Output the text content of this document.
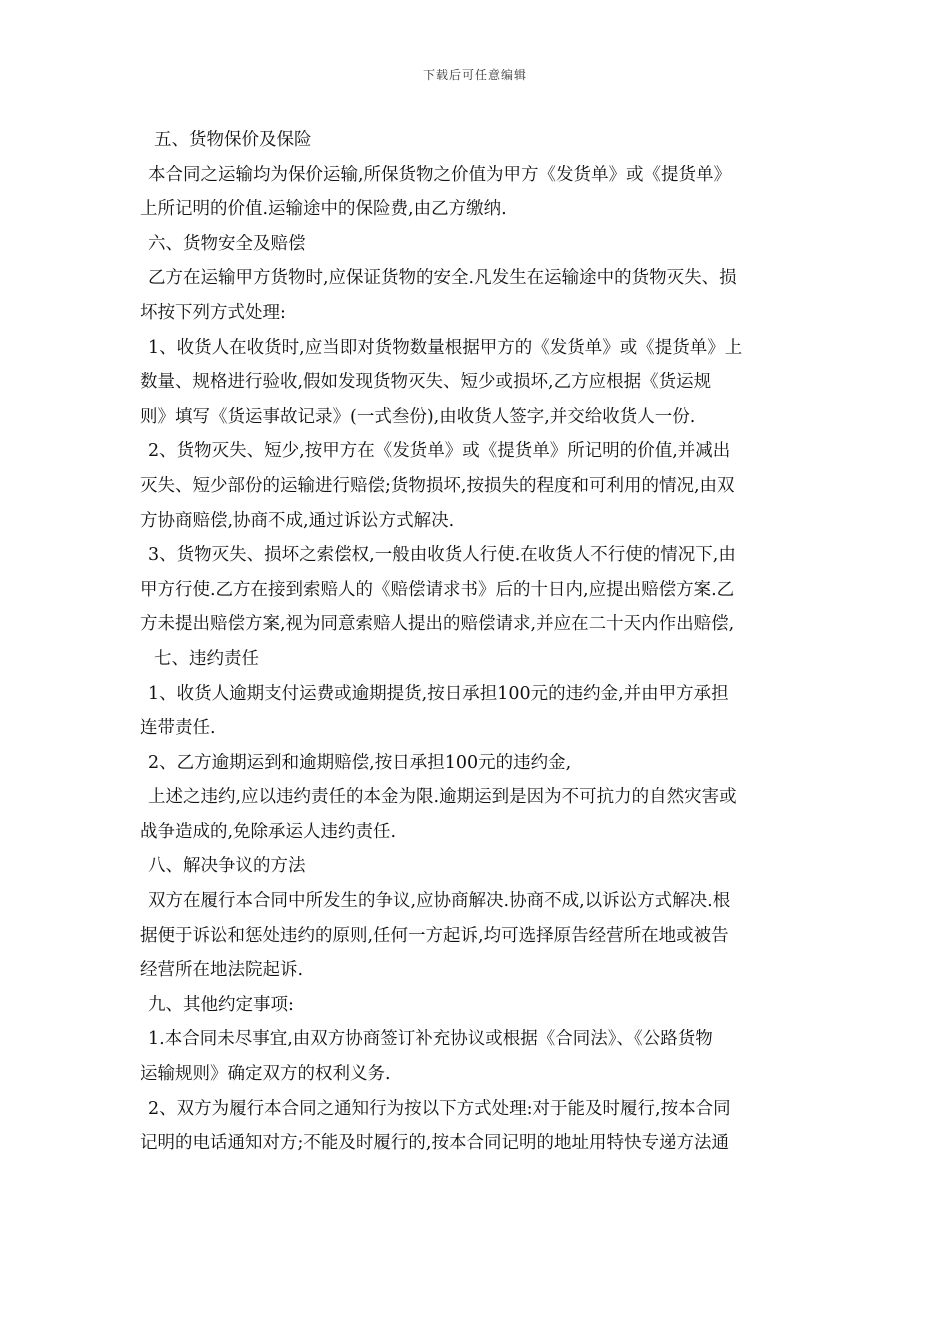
下载后可任意编辑
五、货物保价及保险
本合同之运输均为保价运输,所保货物之价值为甲方《发货单》或《提货单》
上所记明的价值.运输途中的保险费,由乙方缴纳.
六、货物安全及赔偿
乙方在运输甲方货物时,应保证货物的安全.凡发生在运输途中的货物灭失、损
坏按下列方式处理:
1、收货人在收货时,应当即对货物数量根据甲方的《发货单》或《提货单》上
数量、规格进行验收,假如发现货物灭失、短少或损坏,乙方应根据《货运规
则》填写《货运事故记录》(一式叁份),由收货人签字,并交给收货人一份.
2、货物灭失、短少,按甲方在《发货单》或《提货单》所记明的价值,并减出
灭失、短少部份的运输进行赔偿;货物损坏,按损失的程度和可利用的情况,由双
方协商赔偿,协商不成,通过诉讼方式解决.
3、货物灭失、损坏之索偿权,一般由收货人行使.在收货人不行使的情况下,由
甲方行使.乙方在接到索赔人的《赔偿请求书》后的十日内,应提出赔偿方案.乙
方未提出赔偿方案,视为同意索赔人提出的赔偿请求,并应在二十天内作出赔偿,
七、违约责任
1、收货人逾期支付运费或逾期提货,按日承担100元的违约金,并由甲方承担
连带责任.
2、乙方逾期运到和逾期赔偿,按日承担100元的违约金,
上述之违约,应以违约责任的本金为限.逾期运到是因为不可抗力的自然灾害或
战争造成的,免除承运人违约责任.
八、解决争议的方法
双方在履行本合同中所发生的争议,应协商解决.协商不成,以诉讼方式解决.根
据便于诉讼和惩处违约的原则,任何一方起诉,均可选择原告经营所在地或被告
经营所在地法院起诉.
九、其他约定事项:
1.本合同未尽事宜,由双方协商签订补充协议或根据《合同法》、《公路货物
运输规则》确定双方的权利义务.
2、双方为履行本合同之通知行为按以下方式处理:对于能及时履行,按本合同
记明的电话通知对方;不能及时履行的,按本合同记明的地址用特快专递方法通
